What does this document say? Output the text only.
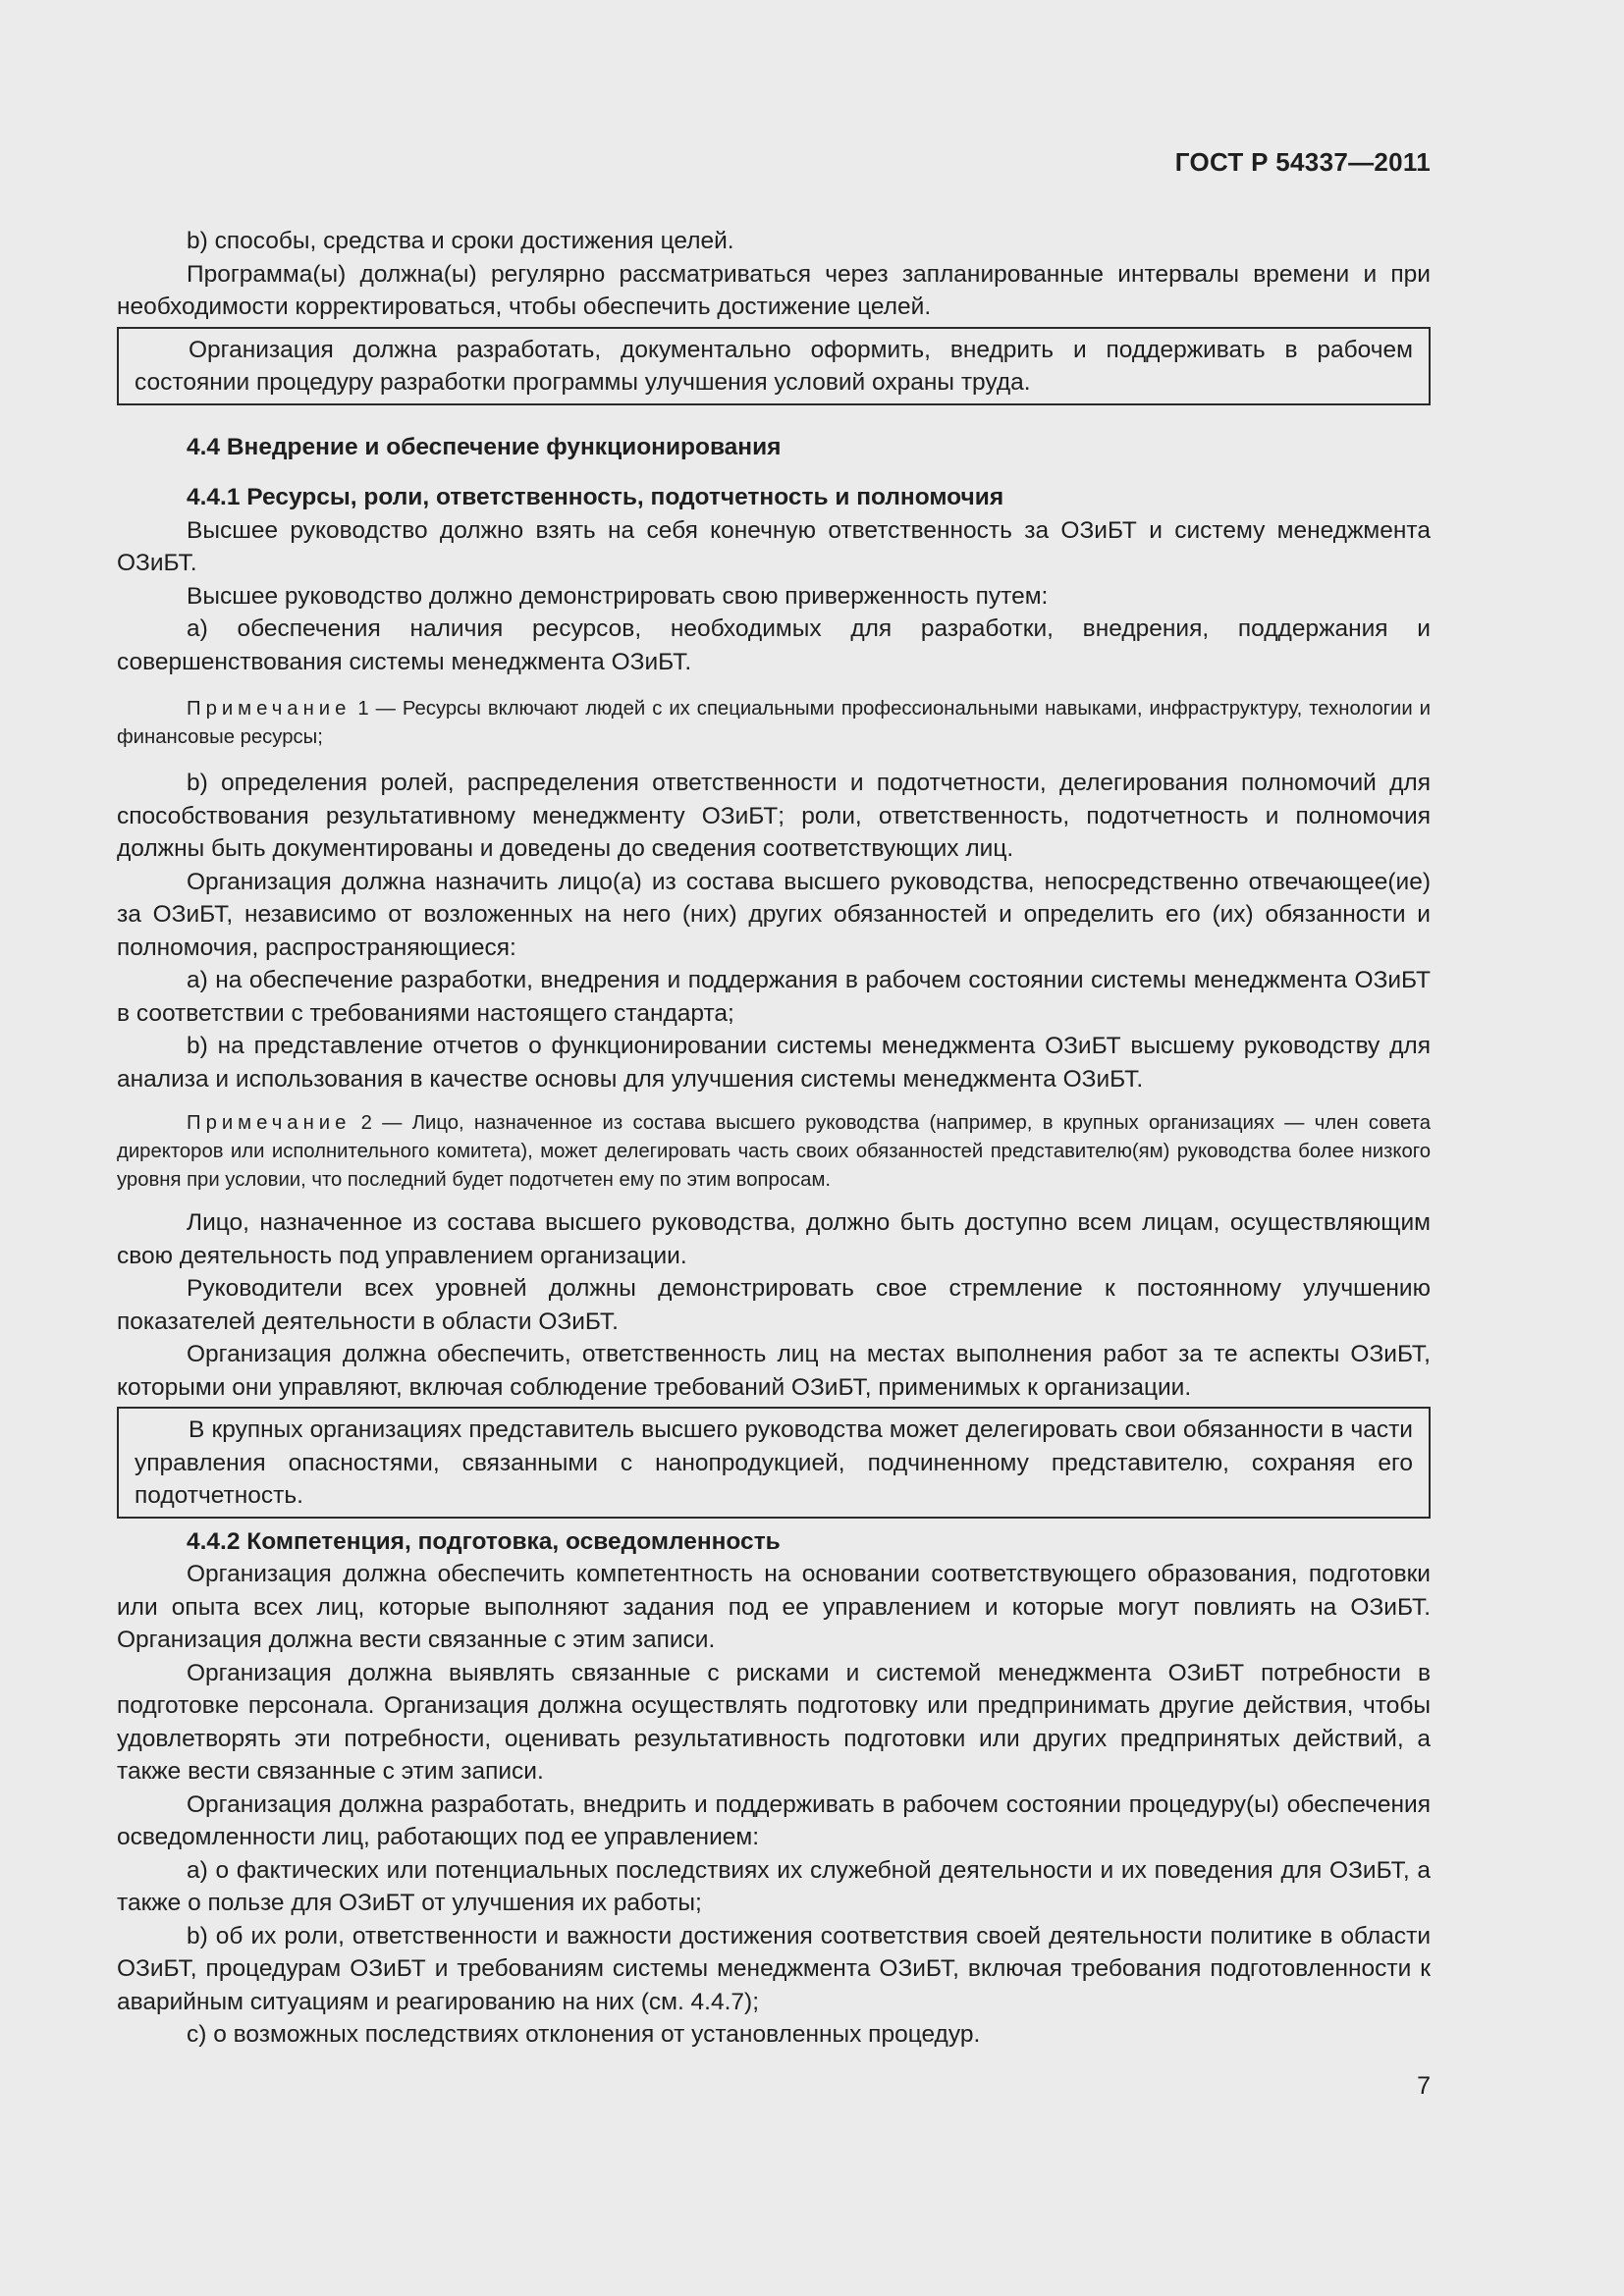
ГОСТ Р 54337—2011

b) способы, средства и сроки достижения целей.

Программа(ы) должна(ы) регулярно рассматриваться через запланированные интервалы времени и при необходимости корректироваться, чтобы обеспечить достижение целей.

Организация должна разработать, документально оформить, внедрить и поддерживать в рабочем состоянии процедуру разработки программы улучшения условий охраны труда.

4.4 Внедрение и обеспечение функционирования

4.4.1 Ресурсы, роли, ответственность, подотчетность и полномочия

Высшее руководство должно взять на себя конечную ответственность за ОЗиБТ и систему менеджмента ОЗиБТ.

Высшее руководство должно демонстрировать свою приверженность путем:

а) обеспечения наличия ресурсов, необходимых для разработки, внедрения, поддержания и совершенствования системы менеджмента ОЗиБТ.

Примечание 1 — Ресурсы включают людей с их специальными профессиональными навыками, инфраструктуру, технологии и финансовые ресурсы;

b) определения ролей, распределения ответственности и подотчетности, делегирования полномочий для способствования результативному менеджменту ОЗиБТ; роли, ответственность, подотчетность и полномочия должны быть документированы и доведены до сведения соответствующих лиц.

Организация должна назначить лицо(а) из состава высшего руководства, непосредственно отвечающее(ие) за ОЗиБТ, независимо от возложенных на него (них) других обязанностей и определить его (их) обязанности и полномочия, распространяющиеся:

а) на обеспечение разработки, внедрения и поддержания в рабочем состоянии системы менеджмента ОЗиБТ в соответствии с требованиями настоящего стандарта;

b) на представление отчетов о функционировании системы менеджмента ОЗиБТ высшему руководству для анализа и использования в качестве основы для улучшения системы менеджмента ОЗиБТ.

Примечание 2 — Лицо, назначенное из состава высшего руководства (например, в крупных организациях — член совета директоров или исполнительного комитета), может делегировать часть своих обязанностей представителю(ям) руководства более низкого уровня при условии, что последний будет подотчетен ему по этим вопросам.

Лицо, назначенное из состава высшего руководства, должно быть доступно всем лицам, осуществляющим свою деятельность под управлением организации.

Руководители всех уровней должны демонстрировать свое стремление к постоянному улучшению показателей деятельности в области ОЗиБТ.

Организация должна обеспечить, ответственность лиц на местах выполнения работ за те аспекты ОЗиБТ, которыми они управляют, включая соблюдение требований ОЗиБТ, применимых к организации.

В крупных организациях представитель высшего руководства может делегировать свои обязанности в части управления опасностями, связанными с нанопродукцией, подчиненному представителю, сохраняя его подотчетность.

4.4.2 Компетенция, подготовка, осведомленность

Организация должна обеспечить компетентность на основании соответствующего образования, подготовки или опыта всех лиц, которые выполняют задания под ее управлением и которые могут повлиять на ОЗиБТ. Организация должна вести связанные с этим записи.

Организация должна выявлять связанные с рисками и системой менеджмента ОЗиБТ потребности в подготовке персонала. Организация должна осуществлять подготовку или предпринимать другие действия, чтобы удовлетворять эти потребности, оценивать результативность подготовки или других предпринятых действий, а также вести связанные с этим записи.

Организация должна разработать, внедрить и поддерживать в рабочем состоянии процедуру(ы) обеспечения осведомленности лиц, работающих под ее управлением:

а) о фактических или потенциальных последствиях их служебной деятельности и их поведения для ОЗиБТ, а также о пользе для ОЗиБТ от улучшения их работы;

b) об их роли, ответственности и важности достижения соответствия своей деятельности политике в области ОЗиБТ, процедурам ОЗиБТ и требованиям системы менеджмента ОЗиБТ, включая требования подготовленности к аварийным ситуациям и реагированию на них (см. 4.4.7);

с) о возможных последствиях отклонения от установленных процедур.

7
